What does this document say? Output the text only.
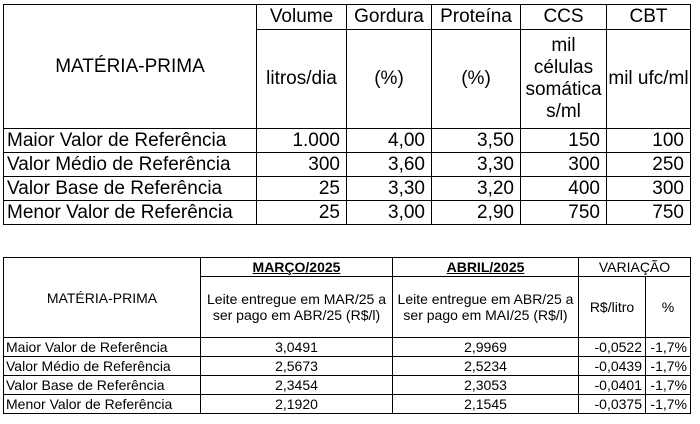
MATÉRIA-PRIMA	Volume	Gordura	Proteína	CCS	CBT
	litros/dia	(%)	(%)	mil células somática s/ml	mil ufc/ml
Maior Valor de Referência	1.000	4,00	3,50	150	100
Valor Médio de Referência	300	3,60	3,30	300	250
Valor Base de Referência	25	3,30	3,20	400	300
Menor Valor de Referência	25	3,00	2,90	750	750
MATÉRIA-PRIMA	MARÇO/2025	ABRIL/2025	VARIAÇÃO	
	Leite entregue em MAR/25 a ser pago em ABR/25 (R$/l)	Leite entregue em ABR/25 a ser pago em MAI/25 (R$/l)	R$/litro	%
Maior Valor de Referência	3,0491	2,9969	-0,0522	-1,7%
Valor Médio de Referência	2,5673	2,5234	-0,0439	-1,7%
Valor Base de Referência	2,3454	2,3053	-0,0401	-1,7%
Menor Valor de Referência	2,1920	2,1545	-0,0375	-1,7%
